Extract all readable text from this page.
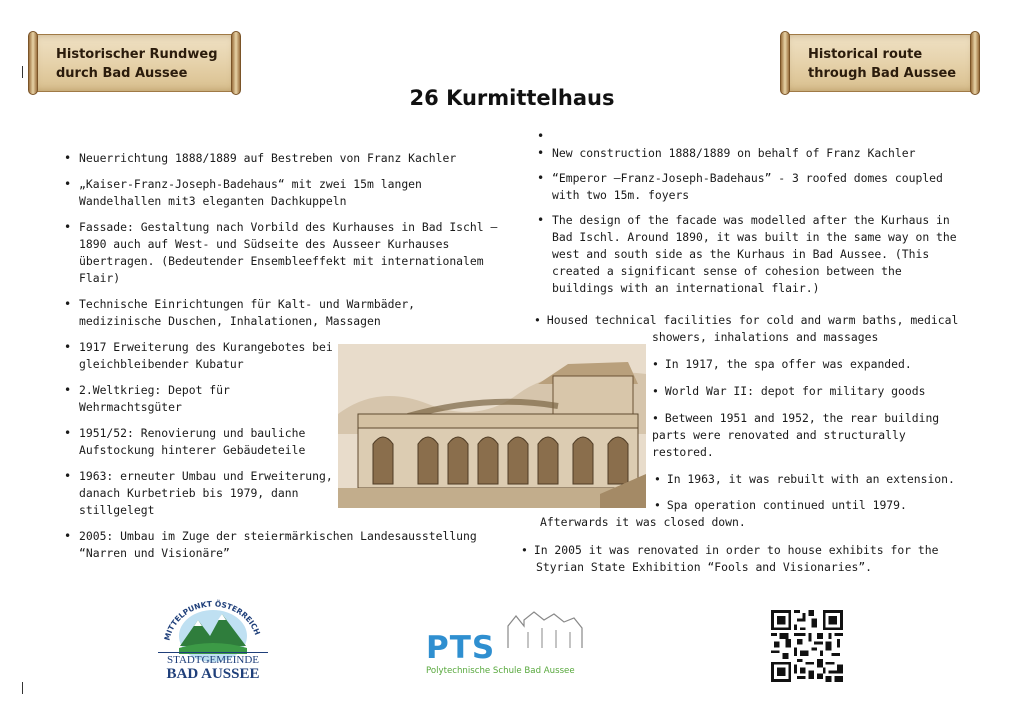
Historischer Rundweg
durch Bad Aussee
Historical route
through Bad Aussee
26 Kurmittelhaus
• Neuerrichtung 1888/1889 auf Bestreben von Franz Kachler
• „Kaiser-Franz-Joseph-Badehaus“ mit zwei 15m langen Wandelhallen mit3 eleganten Dachkuppeln
• Fassade: Gestaltung nach Vorbild des Kurhauses in Bad Ischl – 1890 auch auf West- und Südseite des Ausseer Kurhauses übertragen. (Bedeutender Ensembleeffekt mit internationalem Flair)
• Technische Einrichtungen für Kalt- und Warmbäder, medizinische Duschen, Inhalationen, Massagen
• 1917 Erweiterung des Kurangebotes bei gleichbleibender Kubatur
• 2.Weltkrieg: Depot für Wehrmachtsgüter
• 1951/52: Renovierung und bauliche Aufstockung hinterer Gebäudeteile
• 1963: erneuter Umbau und Erweiterung, danach Kurbetrieb bis 1979, dann stillgelegt
• 2005: Umbau im Zuge der steiermärkischen Landesausstellung “Narren und Visionäre”
•
• New construction 1888/1889 on behalf of Franz Kachler
• “Emperor –Franz-Joseph-Badehaus” - 3 roofed domes coupled with two 15m. foyers
• The design of the facade was modelled after the Kurhaus in Bad Ischl. Around 1890, it was built in the same way on the west and south side as the Kurhaus in Bad Aussee. (This created a significant sense of cohesion between the buildings with an international flair.)
• Housed technical facilities for cold and warm baths, medical
showers, inhalations and massages
• In 1917, the spa offer was expanded.
• World War II: depot for military goods
• Between 1951 and 1952, the rear building
parts were renovated and structurally
restored.
• In 1963, it was rebuilt with an extension.
• Spa operation continued until 1979.
Afterwards it was closed down.
• In 2005 it was renovated in order to house exhibits for the
Styrian State Exhibition “Fools and Visionaries”.
MITTELPUNKT ÖSTERREICH
STADTGEMEINDE
BAD AUSSEE
PTS
Polytechnische Schule Bad Aussee
